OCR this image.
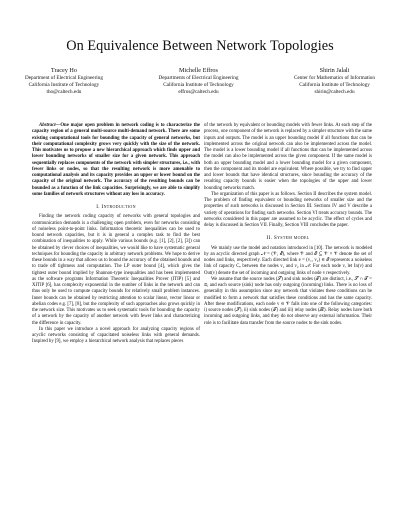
On Equivalence Between Network Topologies
Tracey Ho
Department of Electrical Engineering
California Institute of Technology
tho@caltech.edu
Michelle Effros
Departments of Electrical Engineering
California Institute of Technology
effros@caltech.edu
Shirin Jalali
Center for Mathematics of Information
California Institute of Technology
shirin@caltech.edu

Abstract—One major open problem in network coding is to characterize the capacity region of a general multi-source multi-demand network. There are some existing computational tools for bounding the capacity of general networks, but their computational complexity grows very quickly with the size of the network. This motivates us to propose a new hierarchical approach which finds upper and lower bounding networks of smaller size for a given network. This approach sequentially replaces components of the network with simpler structures, i.e., with fewer links or nodes, so that the resulting network is more amenable to computational analysis and its capacity provides an upper or lower bound on the capacity of the original network. The accuracy of the resulting bounds can be bounded as a function of the link capacities. Surprisingly, we are able to simplify some families of network structures without any loss in accuracy.

I. Introduction

Finding the network coding capacity of networks with general topologies and communication demands is a challenging open problem, even for networks consisting of noiseless point-to-point links. Information theoretic inequalities can be used to bound network capacities, but it is in general a complex task to find the best combination of inequalities to apply. While various bounds (e.g. [1], [2], [2], [3]) can be obtained by clever choices of inequalities, we would like to have systematic general techniques for bounding the capacity in arbitrary network problems. We hope to derive these bounds in a way that allows us to bound the accuracy of the obtained bounds and to trade off tightness and computation. The LP outer bound [4], which gives the tightest outer bound implied by Shannon-type inequalities and has been implemented as the software programs Information Theoretic Inequalities Prover (ITIP) [5] and XITIP [6], has complexity exponential in the number of links in the network and can thus only be used to compute capacity bounds for relatively small problem instances. Inner bounds can be obtained by restricting attention to scalar linear, vector linear or abelian codes e.g. [7], [8], but the complexity of such approaches also grows quickly in the network size. This motivates us to seek systematic tools for bounding the capacity of a network by the capacity of another network with fewer links and characterizing the difference in capacity.

In this paper we introduce a novel approach for analyzing capacity regions of acyclic networks consisting of capacitated noiseless links with general demands. Inspired by [9], we employ a hierarchical network analysis that replaces pieces

of the network by equivalent or bounding models with fewer links. At each step of the process, one component of the network is replaced by a simpler structure with the same inputs and outputs. The model is an upper bounding model if all functions that can be implemented across the original network can also be implemented across the model. The model is a lower bounding model if all functions that can be implemented across the model can also be implemented across the given component. If the same model is both an upper bounding model and a lower bounding model for a given component, then the component and its model are equivalent. Where possible, we try to find upper and lower bounds that have identical structures, since bounding the accuracy of the resulting capacity bounds is easier when the topologies of the upper and lower bounding networks match.

The organization of this paper is as follows. Section II describes the system model. The problem of finding equivalent or bounding networks of smaller size and the properties of such networks is discussed in Section III. Sections IV and V describe a variety of operations for finding such networks. Section VI treats accuracy bounds. The networks considered in this paper are assumed to be acyclic. The effect of cycles and delay is discussed in Section VII. Finally, Section VIII concludes the paper.

II. System model

We mainly use the model and notation introduced in [10]. The network is modeled by an acyclic directed graph 𝒩 = (𝒱, ℰ), where 𝒱 and ℰ ⊆ 𝒱 × 𝒱 denote the set of nodes and links, respectively. Each directed link e = (v₁, v₂) ∈ ℰ represents a noiseless link of capacity Cₑ between the nodes v₁ and v₂ in 𝒩. For each node v, let In(v) and Out(v) denote the set of incoming and outgoing links of node v respectively.

We assume that the source nodes (𝒮) and sink nodes (𝒯) are distinct, i.e., 𝒮 ∩ 𝒯 = ∅, and each source (sink) node has only outgoing (incoming) links. There is no loss of generality in this assumption since any network that violates these conditions can be modified to form a network that satisfies these conditions and has the same capacity. After these modifications, each node v ∈ 𝒱 falls into one of the following categories: i) source nodes (𝒮), ii) sink nodes (𝒯) and iii) relay nodes (ℛ). Relay nodes have both incoming and outgoing links, and they do not observe any external information. Their role is to facilitate data transfer from the source nodes to the sink nodes.
